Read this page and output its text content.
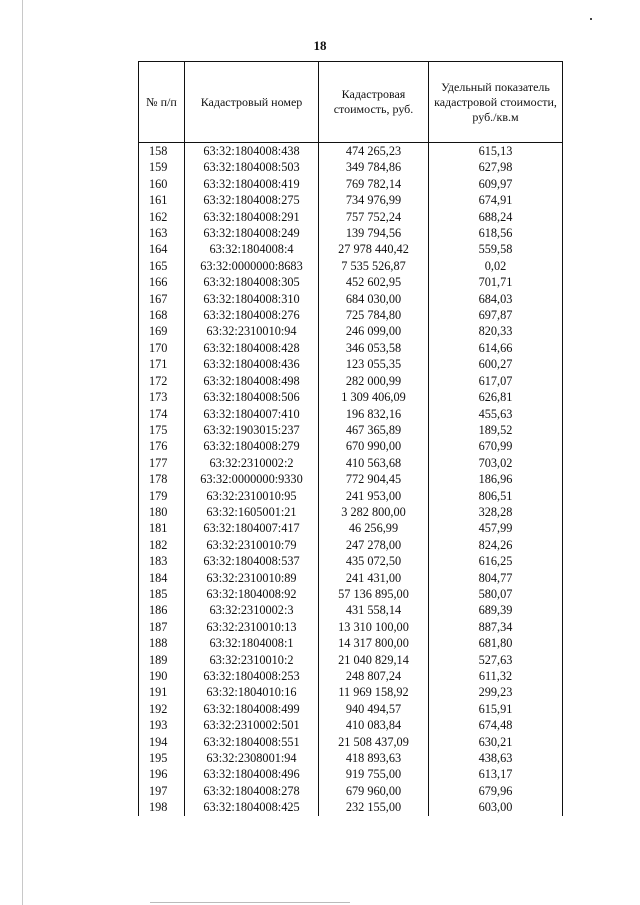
18
№ п/п	Кадастровый номер	Кадастровая стоимость, руб.	Удельный показатель кадастровой стоимости, руб./кв.м
158	63:32:1804008:438	474 265,23	615,13
159	63:32:1804008:503	349 784,86	627,98
160	63:32:1804008:419	769 782,14	609,97
161	63:32:1804008:275	734 976,99	674,91
162	63:32:1804008:291	757 752,24	688,24
163	63:32:1804008:249	139 794,56	618,56
164	63:32:1804008:4	27 978 440,42	559,58
165	63:32:0000000:8683	7 535 526,87	0,02
166	63:32:1804008:305	452 602,95	701,71
167	63:32:1804008:310	684 030,00	684,03
168	63:32:1804008:276	725 784,80	697,87
169	63:32:2310010:94	246 099,00	820,33
170	63:32:1804008:428	346 053,58	614,66
171	63:32:1804008:436	123 055,35	600,27
172	63:32:1804008:498	282 000,99	617,07
173	63:32:1804008:506	1 309 406,09	626,81
174	63:32:1804007:410	196 832,16	455,63
175	63:32:1903015:237	467 365,89	189,52
176	63:32:1804008:279	670 990,00	670,99
177	63:32:2310002:2	410 563,68	703,02
178	63:32:0000000:9330	772 904,45	186,96
179	63:32:2310010:95	241 953,00	806,51
180	63:32:1605001:21	3 282 800,00	328,28
181	63:32:1804007:417	46 256,99	457,99
182	63:32:2310010:79	247 278,00	824,26
183	63:32:1804008:537	435 072,50	616,25
184	63:32:2310010:89	241 431,00	804,77
185	63:32:1804008:92	57 136 895,00	580,07
186	63:32:2310002:3	431 558,14	689,39
187	63:32:2310010:13	13 310 100,00	887,34
188	63:32:1804008:1	14 317 800,00	681,80
189	63:32:2310010:2	21 040 829,14	527,63
190	63:32:1804008:253	248 807,24	611,32
191	63:32:1804010:16	11 969 158,92	299,23
192	63:32:1804008:499	940 494,57	615,91
193	63:32:2310002:501	410 083,84	674,48
194	63:32:1804008:551	21 508 437,09	630,21
195	63:32:2308001:94	418 893,63	438,63
196	63:32:1804008:496	919 755,00	613,17
197	63:32:1804008:278	679 960,00	679,96
198	63:32:1804008:425	232 155,00	603,00
